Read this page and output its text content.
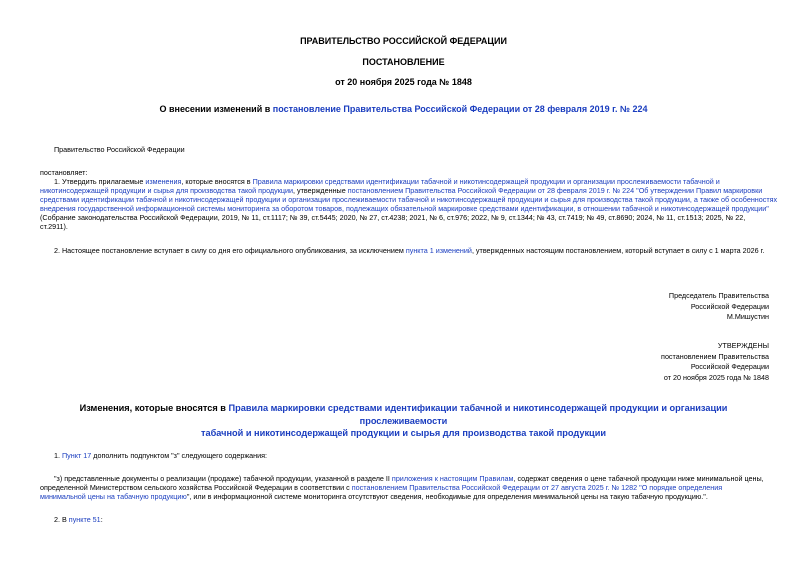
ПРАВИТЕЛЬСТВО РОССИЙСКОЙ ФЕДЕРАЦИИ
ПОСТАНОВЛЕНИЕ
от 20 ноября 2025 года № 1848
О внесении изменений в постановление Правительства Российской Федерации от 28 февраля 2019 г. № 224
Правительство Российской Федерации
постановляет:
1. Утвердить прилагаемые изменения, которые вносятся в Правила маркировки средствами идентификации табачной и никотинсодержащей продукции и организации прослеживаемости табачной и
никотинсодержащей продукции и сырья для производства такой продукции, утвержденные постановлением Правительства Российской Федерации от 28 февраля 2019 г. № 224 "Об утверждении Правил маркировки
средствами идентификации табачной и никотинсодержащей продукции и организации прослеживаемости табачной и никотинсодержащей продукции и сырья для производства такой продукции, а также об особенностях
внедрения государственной информационной системы мониторинга за оборотом товаров, подлежащих обязательной маркировке средствами идентификации, в отношении табачной и никотинсодержащей продукции"
(Собрание законодательства Российской Федерации, 2019, № 11, ст.1117; № 39, ст.5445; 2020, № 27, ст.4238; 2021, № 6, ст.976; 2022, № 9, ст.1344; № 43, ст.7419; № 49, ст.8690; 2024, № 11, ст.1513; 2025, № 22,
ст.2911).
2. Настоящее постановление вступает в силу со дня его официального опубликования, за исключением пункта 1 изменений, утвержденных настоящим постановлением, который вступает в силу с 1 марта 2026 г.
Председатель Правительства
Российской Федерации
М.Мишустин
УТВЕРЖДЕНЫ
постановлением Правительства
Российской Федерации
от 20 ноября 2025 года № 1848
Изменения, которые вносятся в Правила маркировки средствами идентификации табачной и никотинсодержащей продукции и организации прослеживаемости
табачной и никотинсодержащей продукции и сырья для производства такой продукции
1. Пункт 17 дополнить подпунктом "з" следующего содержания:
"з) представленные документы о реализации (продаже) табачной продукции, указанной в разделе II приложения к настоящим Правилам, содержат сведения о цене табачной продукции ниже минимальной цены,
определенной Министерством сельского хозяйства Российской Федерации в соответствии с постановлением Правительства Российской Федерации от 27 августа 2025 г. № 1282 "О порядке определения
минимальной цены на табачную продукцию", или в информационной системе мониторинга отсутствуют сведения, необходимые для определения минимальной цены на такую табачную продукцию.".
2. В пункте 51:
